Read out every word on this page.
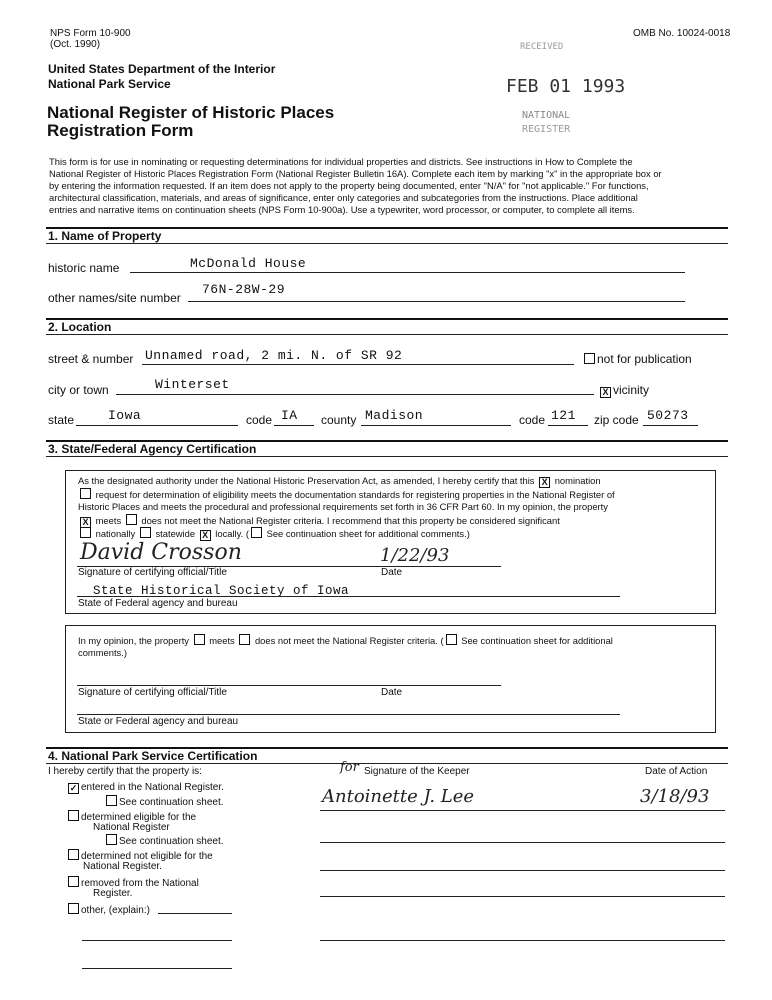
NPS Form 10-900
(Oct. 1990)
OMB No. 10024-0018
United States Department of the Interior
National Park Service
National Register of Historic Places
Registration Form
RECEIVED
FEB 01 1993
NATIONAL
REGISTER
This form is for use in nominating or requesting determinations for individual properties and districts. See instructions in How to Complete the
National Register of Historic Places Registration Form (National Register Bulletin 16A). Complete each item by marking "x" in the appropriate box or
by entering the information requested. If an item does not apply to the property being documented, enter "N/A" for "not applicable." For functions,
architectural classification, materials, and areas of significance, enter only categories and subcategories from the instructions. Place additional
entries and narrative items on continuation sheets (NPS Form 10-900a). Use a typewriter, word processor, or computer, to complete all items.
1. Name of Property
historic name	McDonald House
other names/site number
76N-28W-29
2. Location
street & number Unnamed road, 2 mi. N. of SR 92	not for publication
city or town	Winterset	X vicinity
state	Iowa	code IA county Madison	code 121 zip code 50273
3. State/Federal Agency Certification
As the designated authority under the National Historic Preservation Act, as amended, I hereby certify that this X nomination
request for determination of eligibility meets the documentation standards for registering properties in the National Register of
Historic Places and meets the procedural and professional requirements set forth in 36 CFR Part 60. In my opinion, the property
X meets does not meet the National Register criteria. I recommend that this property be considered significant
nationally statewide X locally. ( See continuation sheet for additional comments.)
David Crosson	1/22/93
Signature of certifying official/Title	Date
State Historical Society of Iowa
State of Federal agency and bureau
In my opinion, the property meets does not meet the National Register criteria. ( See continuation sheet for additional
comments.)
Signature of certifying official/Title	Date
State or Federal agency and bureau
4. National Park Service Certification
I hereby certify that the property is:	for Signature of the Keeper	Date of Action
✓ entered in the National Register.
See continuation sheet.	Antoinette J. Lee	3/18/93
determined eligible for the
National Register
See continuation sheet.
determined not eligible for the
National Register.
removed from the National
Register.
other, (explain:)
